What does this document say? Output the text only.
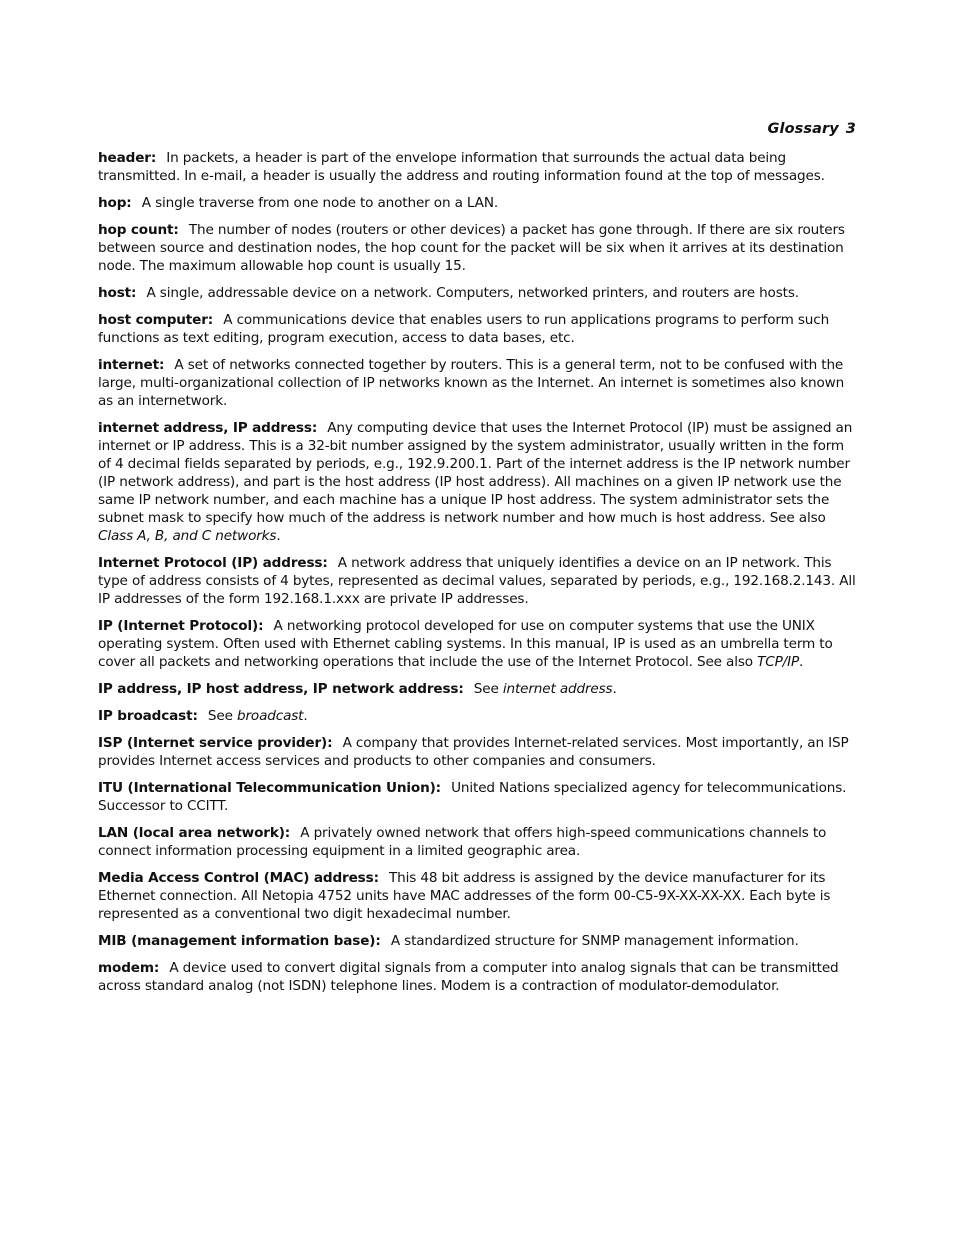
Glossary 3

header: In packets, a header is part of the envelope information that surrounds the actual data being transmitted. In e-mail, a header is usually the address and routing information found at the top of messages.

hop: A single traverse from one node to another on a LAN.

hop count: The number of nodes (routers or other devices) a packet has gone through. If there are six routers between source and destination nodes, the hop count for the packet will be six when it arrives at its destination node. The maximum allowable hop count is usually 15.

host: A single, addressable device on a network. Computers, networked printers, and routers are hosts.

host computer: A communications device that enables users to run applications programs to perform such functions as text editing, program execution, access to data bases, etc.

internet: A set of networks connected together by routers. This is a general term, not to be confused with the large, multi-organizational collection of IP networks known as the Internet. An internet is sometimes also known as an internetwork.

internet address, IP address: Any computing device that uses the Internet Protocol (IP) must be assigned an internet or IP address. This is a 32-bit number assigned by the system administrator, usually written in the form of 4 decimal fields separated by periods, e.g., 192.9.200.1. Part of the internet address is the IP network number (IP network address), and part is the host address (IP host address). All machines on a given IP network use the same IP network number, and each machine has a unique IP host address. The system administrator sets the subnet mask to specify how much of the address is network number and how much is host address. See also Class A, B, and C networks.

Internet Protocol (IP) address: A network address that uniquely identifies a device on an IP network. This type of address consists of 4 bytes, represented as decimal values, separated by periods, e.g., 192.168.2.143. All IP addresses of the form 192.168.1.xxx are private IP addresses.

IP (Internet Protocol): A networking protocol developed for use on computer systems that use the UNIX operating system. Often used with Ethernet cabling systems. In this manual, IP is used as an umbrella term to cover all packets and networking operations that include the use of the Internet Protocol. See also TCP/IP.

IP address, IP host address, IP network address: See internet address.

IP broadcast: See broadcast.

ISP (Internet service provider): A company that provides Internet-related services. Most importantly, an ISP provides Internet access services and products to other companies and consumers.

ITU (International Telecommunication Union): United Nations specialized agency for telecommunications. Successor to CCITT.

LAN (local area network): A privately owned network that offers high-speed communications channels to connect information processing equipment in a limited geographic area.

Media Access Control (MAC) address: This 48 bit address is assigned by the device manufacturer for its Ethernet connection. All Netopia 4752 units have MAC addresses of the form 00-C5-9X-XX-XX-XX. Each byte is represented as a conventional two digit hexadecimal number.

MIB (management information base): A standardized structure for SNMP management information.

modem: A device used to convert digital signals from a computer into analog signals that can be transmitted across standard analog (not ISDN) telephone lines. Modem is a contraction of modulator-demodulator.
